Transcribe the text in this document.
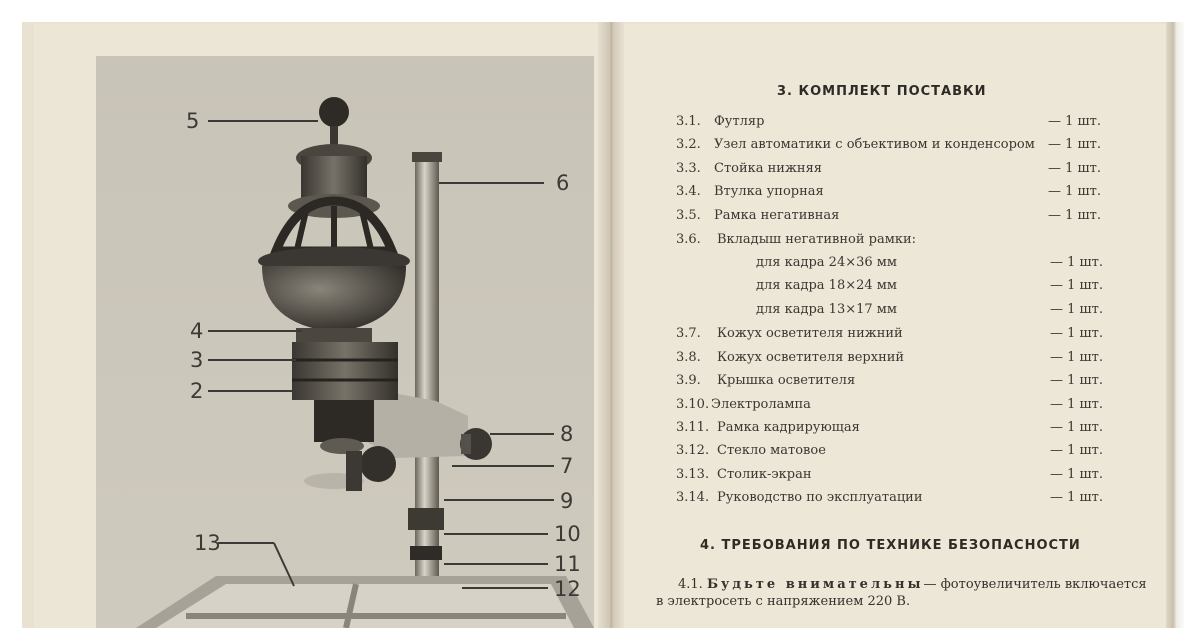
5
6
4
3
2
8
7
9
10
11
13
12
3. КОМПЛЕКТ ПОСТАВКИ
3.1. Футляр	— 1 шт.
3.2. Узел автоматики с объективом и конденсором — 1 шт.
3.3. Стойка нижняя	— 1 шт.
3.4. Втулка упорная	— 1 шт.
3.5. Рамка негативная	— 1 шт.
3.6. Вкладыш негативной рамки:
для кадра 24×36 мм	— 1 шт.
для кадра 18×24 мм	— 1 шт.
для кадра 13×17 мм	— 1 шт.
3.7. Кожух осветителя нижний	— 1 шт.
3.8. Кожух осветителя верхний	— 1 шт.
3.9. Крышка осветителя	— 1 шт.
3.10. Электролампа	— 1 шт.
3.11. Рамка кадрирующая	— 1 шт.
3.12. Стекло матовое	— 1 шт.
3.13. Столик-экран	— 1 шт.
3.14. Руководство по эксплуатации	— 1 шт.
4. ТРЕБОВАНИЯ ПО ТЕХНИКЕ БЕЗОПАСНОСТИ
4.1. Будьте внимательны— фотоувеличитель включается
в электросеть с напряжением 220 В.
